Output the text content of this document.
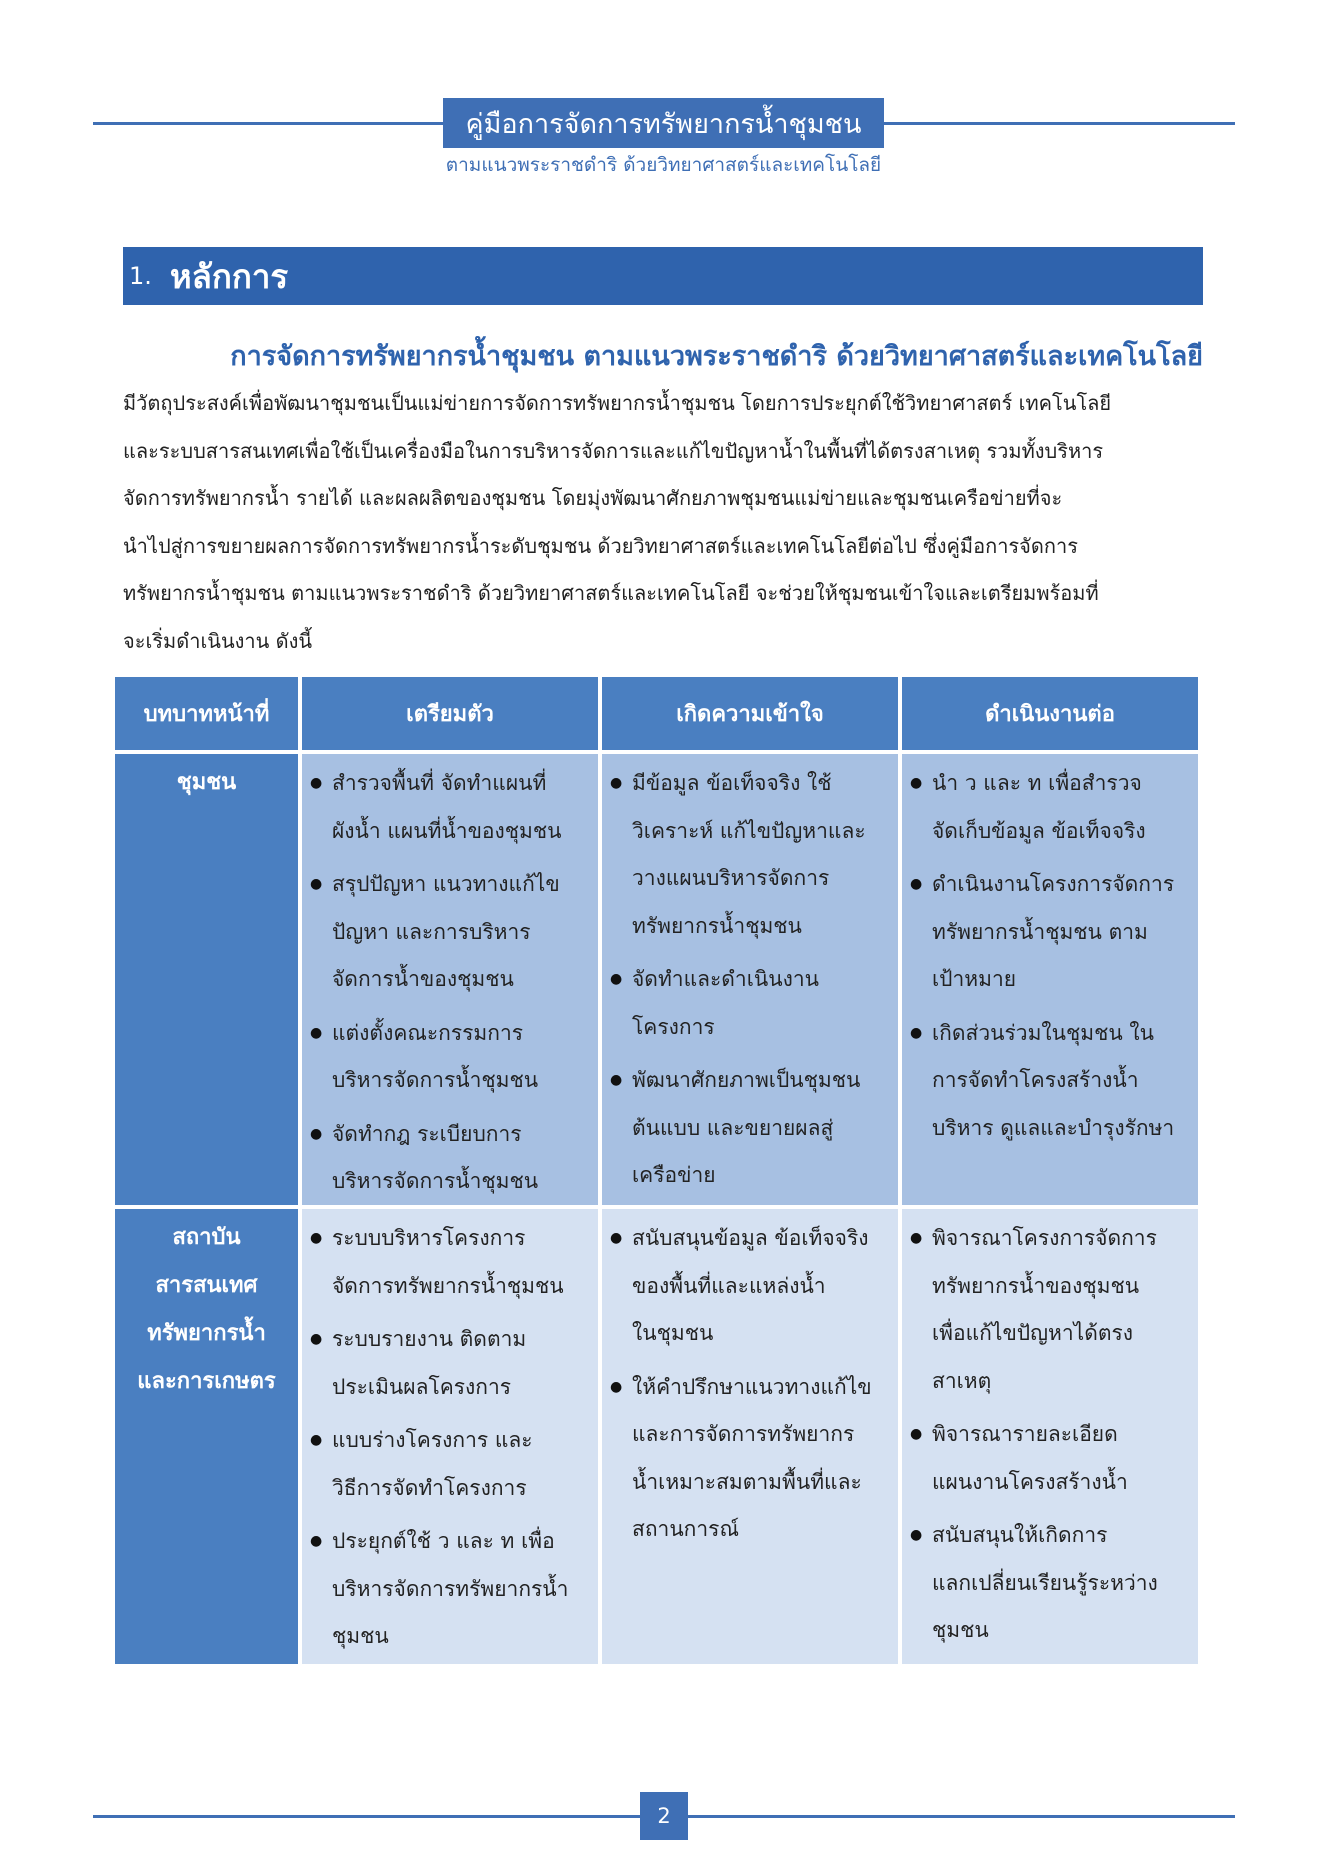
คู่มือการจัดการทรัพยากรน้ำชุมชน
ตามแนวพระราชดำริ ด้วยวิทยาศาสตร์และเทคโนโลยี
1. หลักการ
การจัดการทรัพยากรน้ำชุมชน ตามแนวพระราชดำริ ด้วยวิทยาศาสตร์และเทคโนโลยี
มีวัตถุประสงค์เพื่อพัฒนาชุมชนเป็นแม่ข่ายการจัดการทรัพยากรน้ำชุมชน โดยการประยุกต์ใช้วิทยาศาสตร์ เทคโนโลยี
และระบบสารสนเทศเพื่อใช้เป็นเครื่องมือในการบริหารจัดการและแก้ไขปัญหาน้ำในพื้นที่ได้ตรงสาเหตุ รวมทั้งบริหาร
จัดการทรัพยากรน้ำ รายได้ และผลผลิตของชุมชน โดยมุ่งพัฒนาศักยภาพชุมชนแม่ข่ายและชุมชนเครือข่ายที่จะ
นำไปสู่การขยายผลการจัดการทรัพยากรน้ำระดับชุมชน ด้วยวิทยาศาสตร์และเทคโนโลยีต่อไป ซึ่งคู่มือการจัดการ
ทรัพยากรน้ำชุมชน ตามแนวพระราชดำริ ด้วยวิทยาศาสตร์และเทคโนโลยี จะช่วยให้ชุมชนเข้าใจและเตรียมพร้อมที่
จะเริ่มดำเนินงาน ดังนี้
บทบาทหน้าที่	เตรียมตัว	เกิดความเข้าใจ	ดำเนินงานต่อ
ชุมชน
●	สำรวจพื้นที่ จัดทำแผนที่
ผังน้ำ แผนที่น้ำของชุมชน
● สรุปปัญหา แนวทางแก้ไข
ปัญหา และการบริหาร
จัดการน้ำของชุมชน
● แต่งตั้งคณะกรรมการ
บริหารจัดการน้ำชุมชน
● จัดทำกฎ ระเบียบการ
บริหารจัดการน้ำชุมชน
● มีข้อมูล ข้อเท็จจริง ใช้
วิเคราะห์ แก้ไขปัญหาและ
วางแผนบริหารจัดการ
ทรัพยากรน้ำชุมชน
● จัดทำและดำเนินงาน
โครงการ
● พัฒนาศักยภาพเป็นชุมชน
ต้นแบบ และขยายผลสู่
เครือข่าย
● นำ ว และ ท เพื่อสำรวจ
จัดเก็บข้อมูล ข้อเท็จจริง
● ดำเนินงานโครงการจัดการ
ทรัพยากรน้ำชุมชน ตาม
เป้าหมาย
● เกิดส่วนร่วมในชุมชน ใน
การจัดทำโครงสร้างน้ำ
บริหาร ดูแลและบำรุงรักษา
สถาบัน
สารสนเทศ
ทรัพยากรน้ำ
และการเกษตร
● ระบบบริหารโครงการ
จัดการทรัพยากรน้ำชุมชน
● ระบบรายงาน ติดตาม
ประเมินผลโครงการ
● แบบร่างโครงการ และ
วิธีการจัดทำโครงการ
● ประยุกต์ใช้ ว และ ท เพื่อ
บริหารจัดการทรัพยากรน้ำ
ชุมชน
● สนับสนุนข้อมูล ข้อเท็จจริง
ของพื้นที่และแหล่งน้ำ
ในชุมชน
● ให้คำปรึกษาแนวทางแก้ไข
และการจัดการทรัพยากร
น้ำเหมาะสมตามพื้นที่และ
สถานการณ์
● พิจารณาโครงการจัดการ
ทรัพยากรน้ำของชุมชน
เพื่อแก้ไขปัญหาได้ตรง
สาเหตุ
● พิจารณารายละเอียด
แผนงานโครงสร้างน้ำ
● สนับสนุนให้เกิดการ
แลกเปลี่ยนเรียนรู้ระหว่าง
ชุมชน
2
